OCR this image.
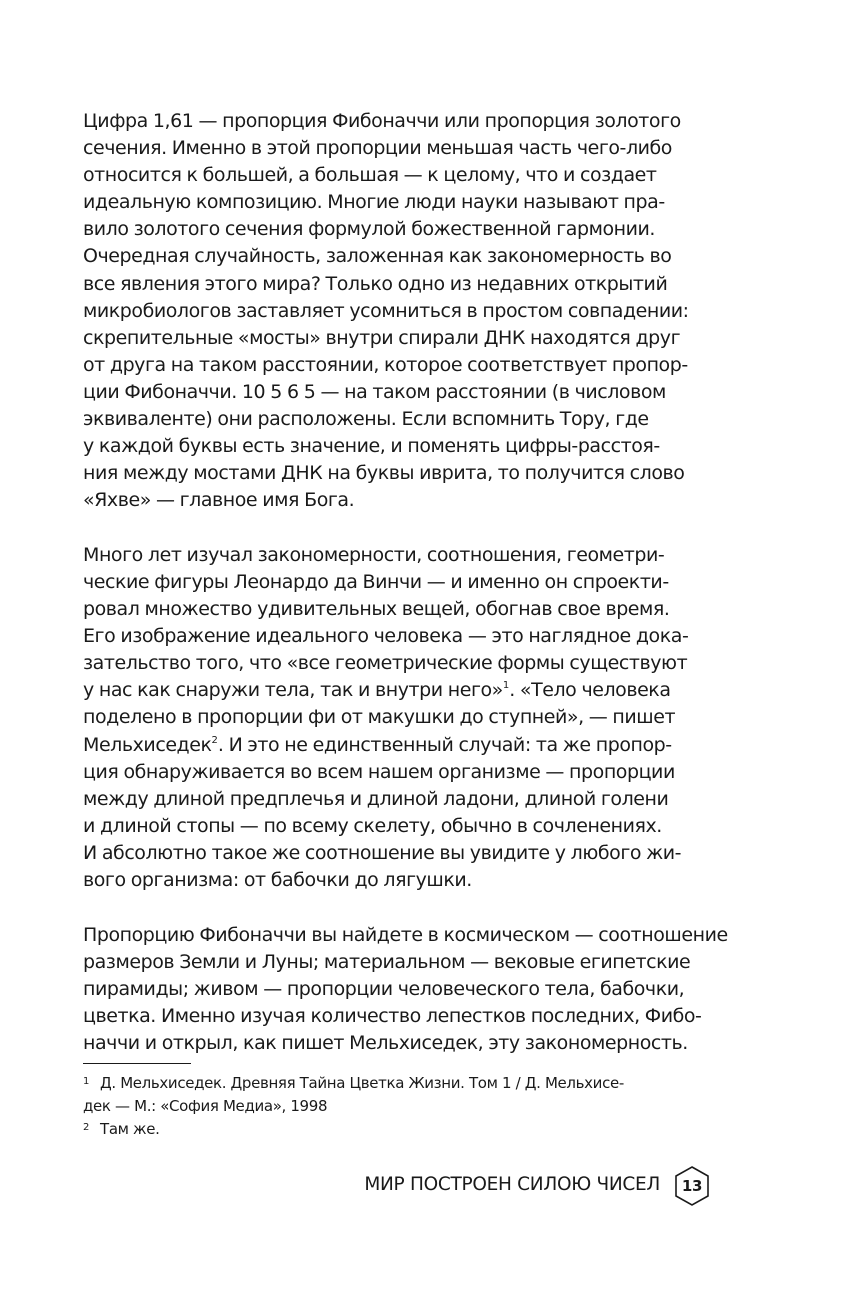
Цифра 1,61 — пропорция Фибоначчи или пропорция золотого
сечения. Именно в этой пропорции меньшая часть чего-либо
относится к большей, а большая — к целому, что и создает
идеальную композицию. Многие люди науки называют пра-
вило золотого сечения формулой божественной гармонии.
Очередная случайность, заложенная как закономерность во
все явления этого мира? Только одно из недавних открытий
микробиологов заставляет усомниться в простом совпадении:
скрепительные «мосты» внутри спирали ДНК находятся друг
от друга на таком расстоянии, которое соответствует пропор-
ции Фибоначчи. 10 5 6 5 — на таком расстоянии (в числовом
эквиваленте) они расположены. Если вспомнить Тору, где
у каждой буквы есть значение, и поменять цифры-расстоя-
ния между мостами ДНК на буквы иврита, то получится слово
«Яхве» — главное имя Бога.
Много лет изучал закономерности, соотношения, геометри-
ческие фигуры Леонардо да Винчи — и именно он спроекти-
ровал множество удивительных вещей, обогнав свое время.
Его изображение идеального человека — это наглядное дока-
зательство того, что «все геометрические формы существуют
у нас как снаружи тела, так и внутри него»$^1$. «Тело человека
поделено в пропорции фи от макушки до ступней», — пишет
Мельхиседек$^2$. И это не единственный случай: та же пропор-
ция обнаруживается во всем нашем организме — пропорции
между длиной предплечья и длиной ладони, длиной голени
и длиной стопы — по всему скелету, обычно в сочленениях.
И абсолютно такое же соотношение вы увидите у любого жи-
вого организма: от бабочки до лягушки.
Пропорцию Фибоначчи вы найдете в космическом — соотношение
размеров Земли и Луны; материальном — вековые египетские
пирамиды; живом — пропорции человеческого тела, бабочки,
цветка. Именно изучая количество лепестков последних, Фибо-
наччи и открыл, как пишет Мельхиседек, эту закономерность.
1 Д. Мельхиседек. Древняя Тайна Цветка Жизни. Том 1 / Д. Мельхисе-
дек — М.: «София Медиа», 1998
2 Там же.
МИР ПОСТРОЕН СИЛОЮ ЧИСЕЛ	13
